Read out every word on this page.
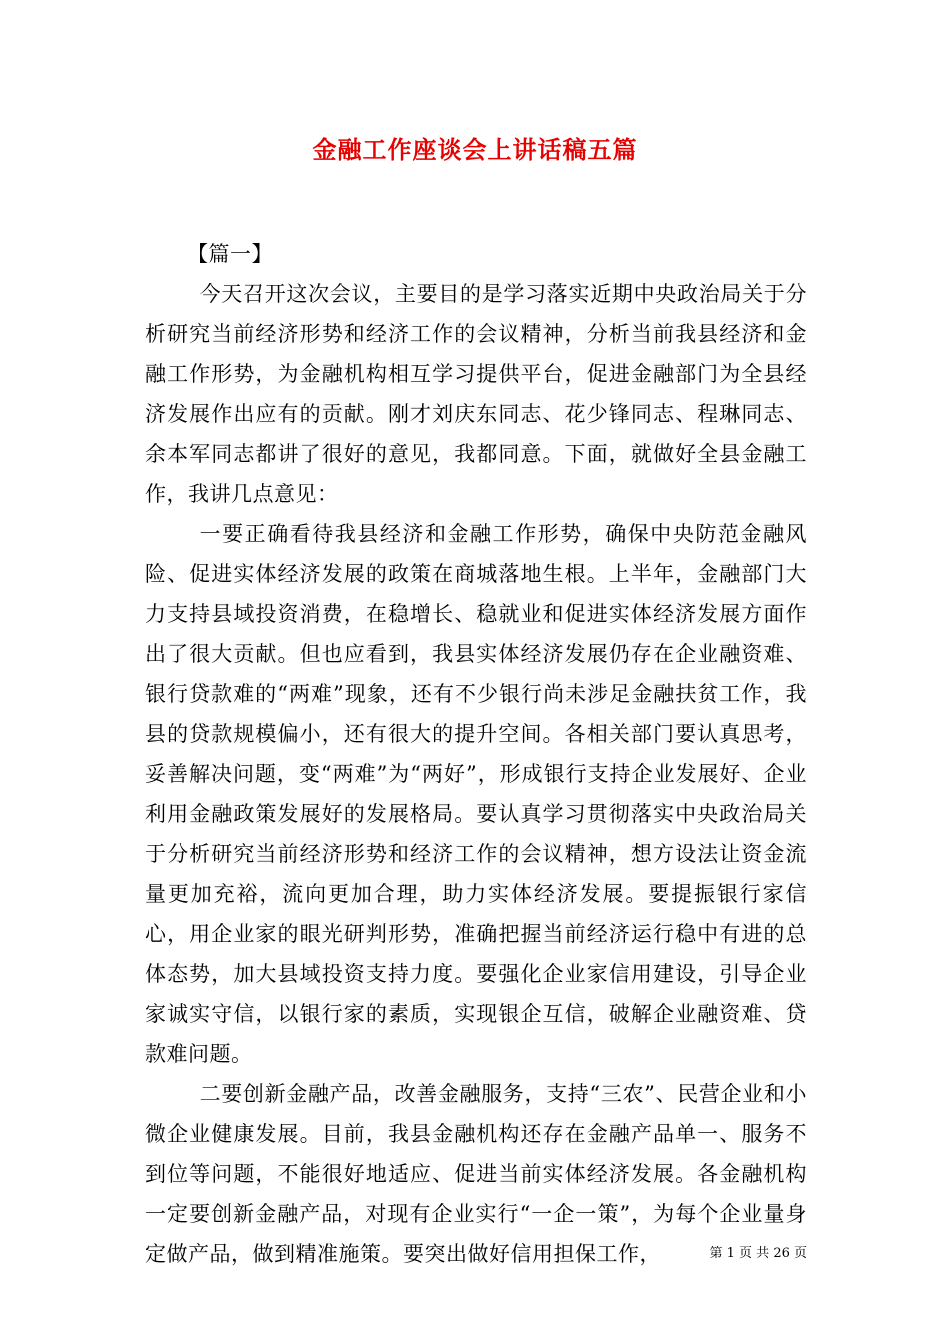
金融工作座谈会上讲话稿五篇

【篇一】

今天召开这次会议，主要目的是学习落实近期中央政治局关于分析研究当前经济形势和经济工作的会议精神，分析当前我县经济和金融工作形势，为金融机构相互学习提供平台，促进金融部门为全县经济发展作出应有的贡献。刚才刘庆东同志、花少锋同志、程琳同志、余本军同志都讲了很好的意见，我都同意。下面，就做好全县金融工作，我讲几点意见：

一要正确看待我县经济和金融工作形势，确保中央防范金融风险、促进实体经济发展的政策在商城落地生根。上半年，金融部门大力支持县域投资消费，在稳增长、稳就业和促进实体经济发展方面作出了很大贡献。但也应看到，我县实体经济发展仍存在企业融资难、银行贷款难的“两难”现象，还有不少银行尚未涉足金融扶贫工作，我县的贷款规模偏小，还有很大的提升空间。各相关部门要认真思考，妥善解决问题，变“两难”为“两好”，形成银行支持企业发展好、企业利用金融政策发展好的发展格局。要认真学习贯彻落实中央政治局关于分析研究当前经济形势和经济工作的会议精神，想方设法让资金流量更加充裕，流向更加合理，助力实体经济发展。要提振银行家信心，用企业家的眼光研判形势，准确把握当前经济运行稳中有进的总体态势，加大县域投资支持力度。要强化企业家信用建设，引导企业家诚实守信，以银行家的素质，实现银企互信，破解企业融资难、贷款难问题。

二要创新金融产品，改善金融服务，支持“三农”、民营企业和小微企业健康发展。目前，我县金融机构还存在金融产品单一、服务不到位等问题，不能很好地适应、促进当前实体经济发展。各金融机构一定要创新金融产品，对现有企业实行“一企一策”，为每个企业量身定做产品，做到精准施策。要突出做好信用担保工作，	第 1 页 共 26 页
